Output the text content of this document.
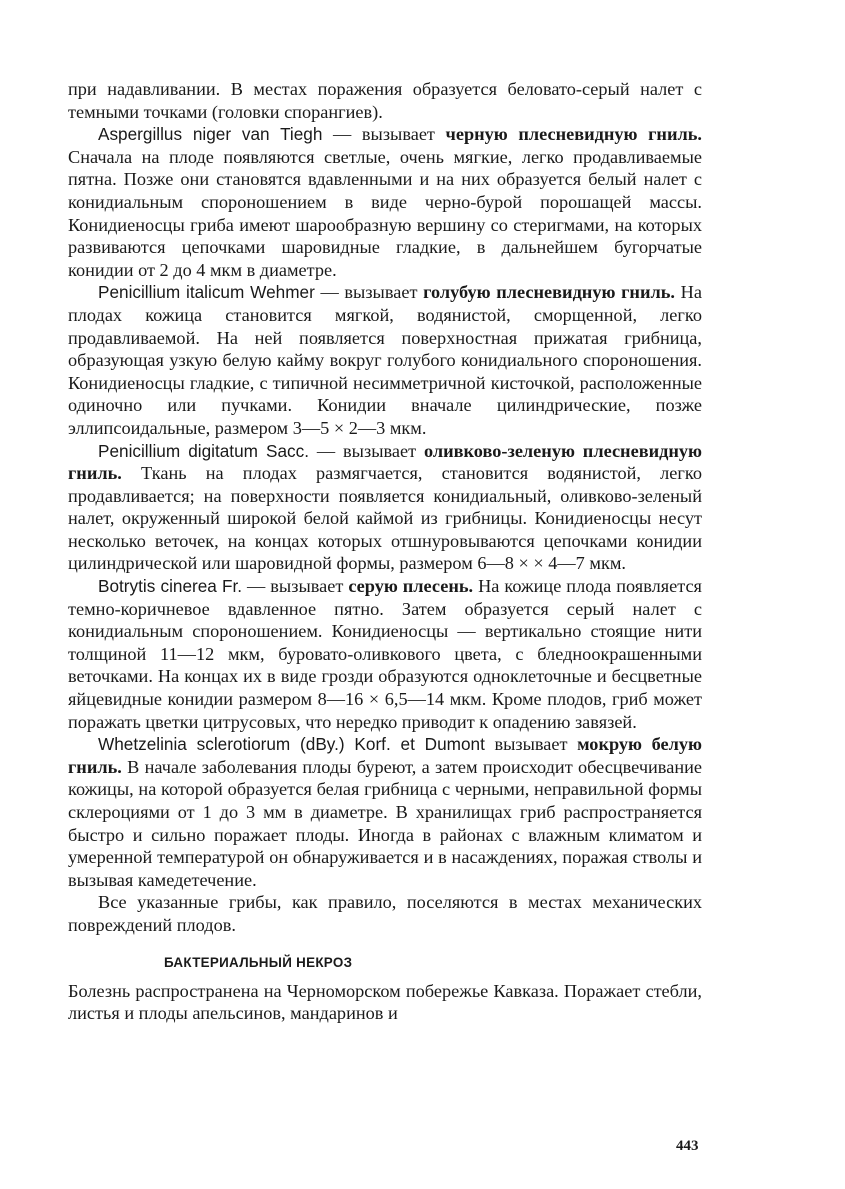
при надавливании. В местах поражения образуется беловато-серый налет с темными точками (головки спорангиев).

Aspergillus niger van Tiegh — вызывает черную плесневидную гниль. Сначала на плоде появляются светлые, очень мягкие, легко продавливаемые пятна. Позже они становятся вдавленными и на них образуется белый налет с конидиальным спороношением в виде черно-бурой порошащей массы. Конидиеносцы гриба имеют шарообразную вершину со стеригмами, на которых развиваются цепочками шаровидные гладкие, в дальнейшем бугорчатые конидии от 2 до 4 мкм в диаметре.

Penicillium italicum Wehmer — вызывает голубую плесневидную гниль. На плодах кожица становится мягкой, водянистой, сморщенной, легко продавливаемой. На ней появляется поверхностная прижатая грибница, образующая узкую белую кайму вокруг голубого конидиального спороношения. Конидиеносцы гладкие, с типичной несимметричной кисточкой, расположенные одиночно или пучками. Конидии вначале цилиндрические, позже эллипсоидальные, размером 3—5 × 2—3 мкм.

Penicillium digitatum Sacc. — вызывает оливково-зеленую плесневидную гниль. Ткань на плодах размягчается, становится водянистой, легко продавливается; на поверхности появляется конидиальный, оливково-зеленый налет, окруженный широкой белой каймой из грибницы. Конидиеносцы несут несколько веточек, на концах которых отшнуровываются цепочками конидии цилиндрической или шаровидной формы, размером 6—8 × × 4—7 мкм.

Botrytis cinerea Fr. — вызывает серую плесень. На кожице плода появляется темно-коричневое вдавленное пятно. Затем образуется серый налет с конидиальным спороношением. Конидиеносцы — вертикально стоящие нити толщиной 11—12 мкм, буровато-оливкового цвета, с бледноокрашенными веточками. На концах их в виде грозди образуются одноклеточные и бесцветные яйцевидные конидии размером 8—16 × 6,5—14 мкм. Кроме плодов, гриб может поражать цветки цитрусовых, что нередко приводит к опадению завязей.

Whetzelinia sclerotiorum (dBy.) Korf. et Dumont вызывает мокрую белую гниль. В начале заболевания плоды буреют, а затем происходит обесцвечивание кожицы, на которой образуется белая грибница с черными, неправильной формы склероциями от 1 до 3 мм в диаметре. В хранилищах гриб распространяется быстро и сильно поражает плоды. Иногда в районах с влажным климатом и умеренной температурой он обнаруживается и в насаждениях, поражая стволы и вызывая камедетечение.

Все указанные грибы, как правило, поселяются в местах механических повреждений плодов.

БАКТЕРИАЛЬНЫЙ НЕКРОЗ

Болезнь распространена на Черноморском побережье Кавказа. Поражает стебли, листья и плоды апельсинов, мандаринов и

443
